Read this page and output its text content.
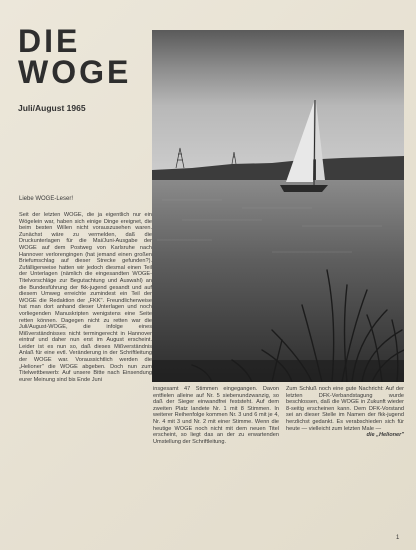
DIE
WOGE
Juli/August 1965
Liebe WOGE-Leser!

Seit der letzten WOGE, die ja eigentlich nur ein Wögelein war, haben sich einige Dinge ereignet, die beim besten Willen nicht vorauszusehen waren. Zunächst wäre zu vermelden, daß die Druckunterlagen für die Mai/Juni-Ausgabe der WOGE auf dem Postweg von Karlsruhe nach Hannover verlorengingen (hat jemand einen großen Briefumschlag auf dieser Strecke gefunden?). Zufälligerweise hatten wir jedoch diesmal einen Teil der Unterlagen (nämlich die eingesandten WOGE-Titelvorschläge zur Begutachtung und Auswahl) an die Bundesführung der fkk-jugend gesandt und auf diesem Umweg erreichte zumindest ein Teil der WOGE die Redaktion der „FKK". Freundlicherweise hat man dort anhand dieser Unterlagen und noch vorliegenden Manuskripten wenigstens eine Seite retten können. Dagegen nicht zu retten war die Juli/August-WOGE, die infolge eines Mißverständnisses nicht termingerecht in Hannover eintraf und daher nun erst im August erscheint. Leider ist es nun so, daß dieses Mißverständnis Anlaß für eine evtl. Veränderung in der Schriftleitung der WOGE war. Voraussichtlich werden die „Helioner" die WOGE abgeben. Doch nun zum Titelwettbewerb: Auf unsere Bitte nach Einsendung eurer Meinung sind bis Ende Juni

insgesamt 47 Stimmen eingegangen. Davon entfielen alleine auf Nr. 5 siebenundzwanzig, so daß der Sieger einwandfrei feststeht. Auf dem zweiten Platz landete Nr. 1 mit 8 Stimmen. In weiterer Reihenfolge kommen Nr. 3 und 6 mit je 4, Nr. 4 mit 3 und Nr. 2 mit einer Stimme. Wenn die heutige WOGE noch nicht mit dem neuen Titel erscheint, so liegt das an der zu erwartenden Umstellung der Schriftleitung.

Zum Schluß noch eine gute Nachricht: Auf der letzten DFK-Verbandstagung wurde beschlossen, daß die WOGE in Zukunft wieder 8-seitig erscheinen kann. Dem DFK-Vorstand sei an dieser Stelle im Namen der fkk-jugend herzlichst gedankt. Es verabschieden sich für heute — vielleicht zum letzten Male —

die „Helioner"

1
